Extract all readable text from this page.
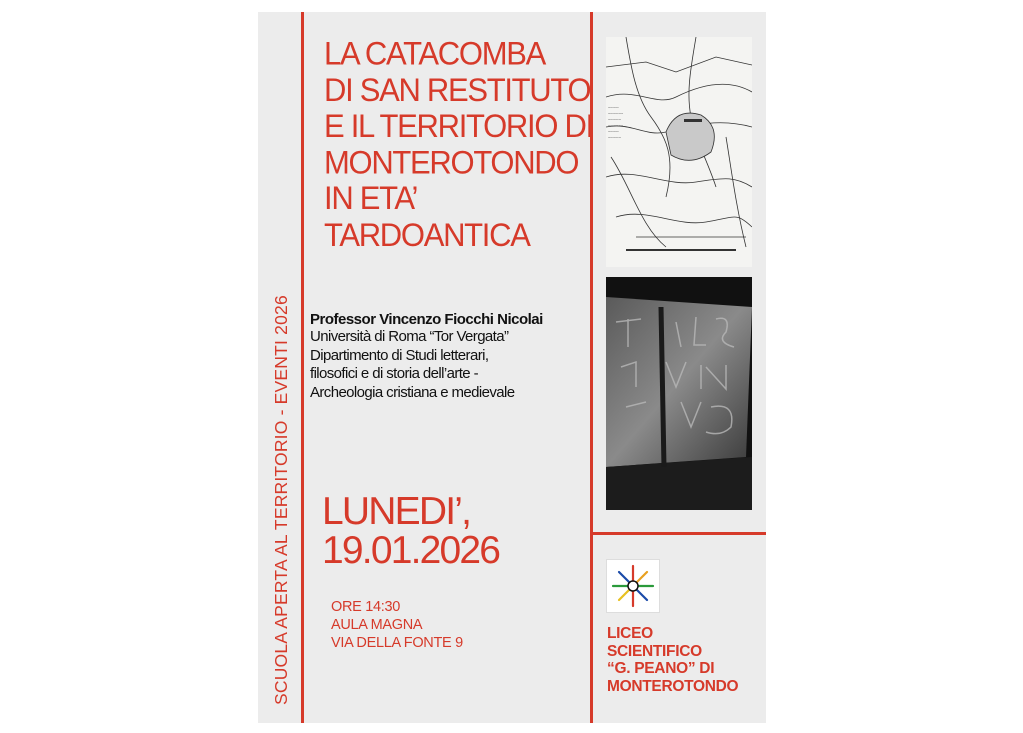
SCUOLA APERTA AL TERRITORIO - EVENTI 2026
LA CATACOMBA
DI SAN RESTITUTO
E IL TERRITORIO DI
MONTEROTONDO
IN ETA’
TARDOANTICA
Professor Vincenzo Fiocchi Nicolai
Università di Roma “Tor Vergata”
Dipartimento di Studi letterari,
filosofici e di storia dell’arte -
Archeologia cristiana e medievale
LUNEDI’,
19.01.2026
ORE 14:30
AULA MAGNA
VIA DELLA FONTE 9
~~~~~
~~~~~~~
~~~~~~
~~~~~~~
~~~~~
~~~~~~
LICEO
SCIENTIFICO
“G. PEANO” DI
MONTEROTONDO
